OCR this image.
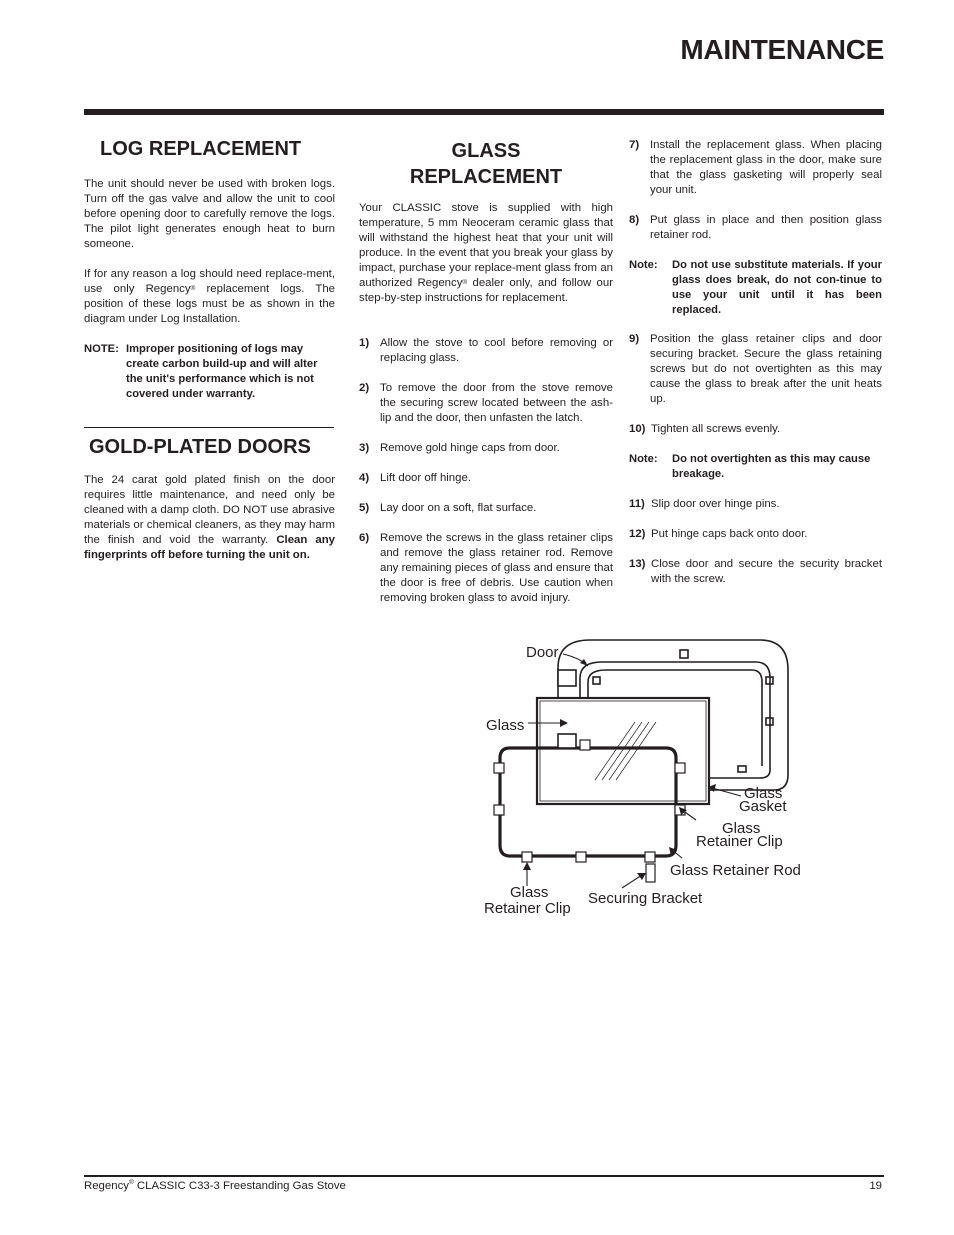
MAINTENANCE
LOG REPLACEMENT

The unit should never be used with broken logs. Turn off the gas valve and allow the unit to cool before opening door to carefully remove the logs. The pilot light generates enough heat to burn someone.

If for any reason a log should need replace-ment, use only Regency® replacement logs. The position of these logs must be as shown in the diagram under Log Installation.

NOTE: Improper positioning of logs may create carbon build-up and will alter the unit's performance which is not covered under warranty.
GOLD-PLATED DOORS

The 24 carat gold plated finish on the door requires little maintenance, and need only be cleaned with a damp cloth. DO NOT use abrasive materials or chemical cleaners, as they may harm the finish and void the warranty. Clean any fingerprints off before turning the unit on.

GLASS
REPLACEMENT

Your CLASSIC stove is supplied with high temperature, 5 mm Neoceram ceramic glass that will withstand the highest heat that your unit will produce. In the event that you break your glass by impact, purchase your replace-ment glass from an authorized Regency® dealer only, and follow our step-by-step instructions for replacement.

1) Allow the stove to cool before removing or replacing glass.
2) To remove the door from the stove remove the securing screw located between the ash-lip and the door, then unfasten the latch.
3) Remove gold hinge caps from door.
4) Lift door off hinge.
5) Lay door on a soft, flat surface.
6) Remove the screws in the glass retainer clips and remove the glass retainer rod. Remove any remaining pieces of glass and ensure that the door is free of debris. Use caution when removing broken glass to avoid injury.
7) Install the replacement glass. When placing the replacement glass in the door, make sure that the glass gasketing will properly seal your unit.
8) Put glass in place and then position glass retainer rod.
Note:	Do not use substitute materials. If your glass does break, do not con-tinue to use your unit until it has been replaced.
9) Position the glass retainer clips and door securing bracket. Secure the glass retaining screws but do not overtighten as this may cause the glass to break after the unit heats up.
10) Tighten all screws evenly.
Note:	Do not overtighten as this may cause breakage.
11) Slip door over hinge pins.
12) Put hinge caps back onto door.
13) Close door and secure the security bracket with the screw.
Door
Glass
Glass
Gasket
Glass
Retainer Clip
Glass Retainer Rod
Glass
Retainer Clip
Securing Bracket
Regency® CLASSIC C33-3 Freestanding Gas Stove	19
